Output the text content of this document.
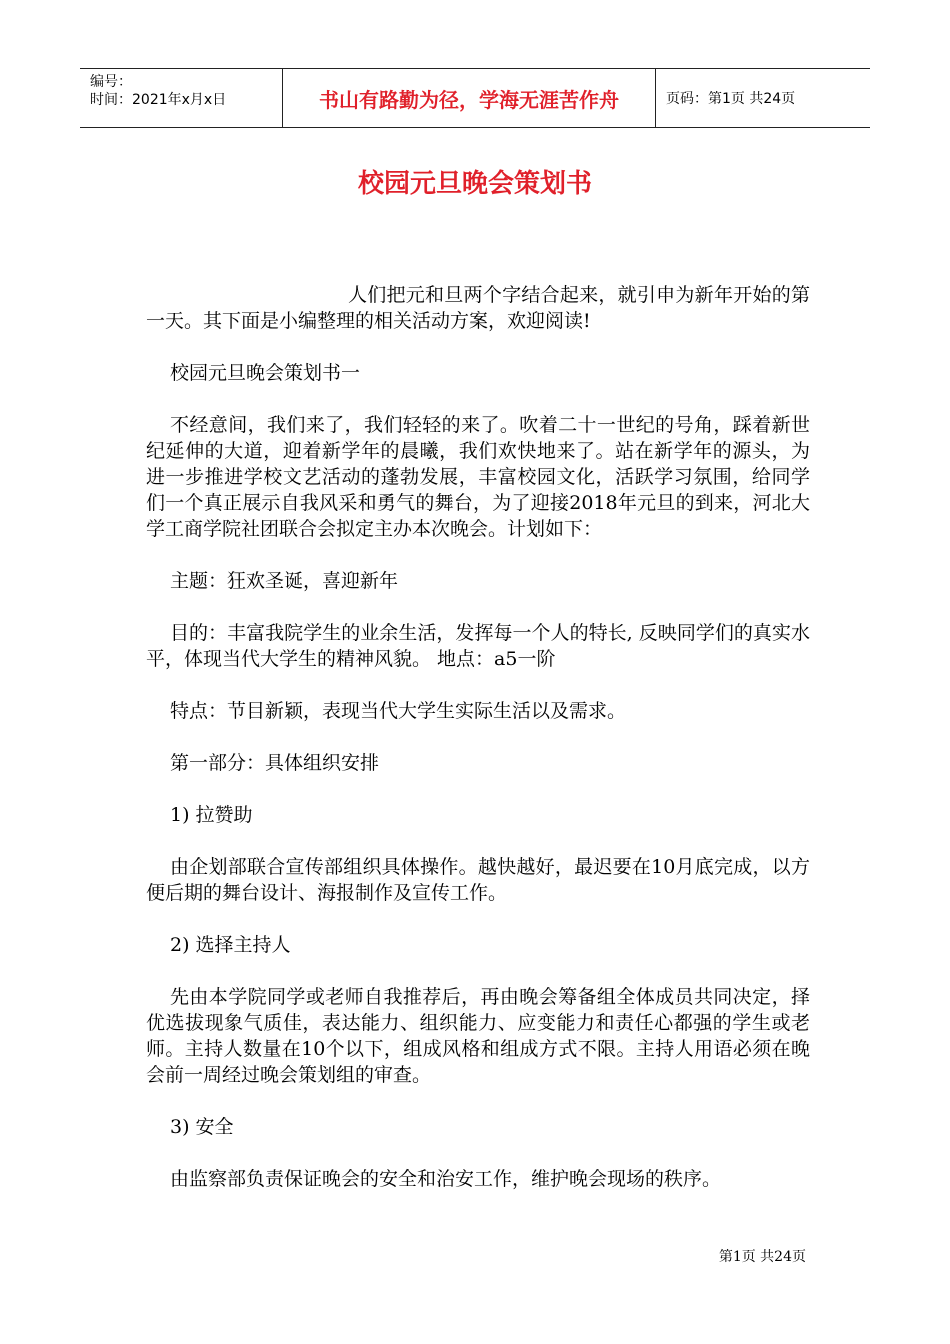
编号：
时间：2021年x月x日	书山有路勤为径，学海无涯苦作舟	页码：第1页 共24页
校园元旦晚会策划书

人们把元和旦两个字结合起来，就引申为新年开始的第一天。其下面是小编整理的相关活动方案，欢迎阅读!

校园元旦晚会策划书一

不经意间，我们来了，我们轻轻的来了。吹着二十一世纪的号角，踩着新世纪延伸的大道，迎着新学年的晨曦，我们欢快地来了。站在新学年的源头，为进一步推进学校文艺活动的蓬勃发展，丰富校园文化，活跃学习氛围，给同学们一个真正展示自我风采和勇气的舞台，为了迎接2018年元旦的到来，河北大学工商学院社团联合会拟定主办本次晚会。计划如下：

主题：狂欢圣诞，喜迎新年

目的：丰富我院学生的业余生活，发挥每一个人的特长, 反映同学们的真实水平，体现当代大学生的精神风貌。 地点：a5一阶

特点：节目新颖，表现当代大学生实际生活以及需求。

第一部分：具体组织安排

1) 拉赞助

由企划部联合宣传部组织具体操作。越快越好，最迟要在10月底完成，以方便后期的舞台设计、海报制作及宣传工作。

2) 选择主持人

先由本学院同学或老师自我推荐后，再由晚会筹备组全体成员共同决定，择优选拔现象气质佳，表达能力、组织能力、应变能力和责任心都强的学生或老师。主持人数量在10个以下，组成风格和组成方式不限。主持人用语必须在晚会前一周经过晚会策划组的审查。

3) 安全

由监察部负责保证晚会的安全和治安工作，维护晚会现场的秩序。

第1页 共24页
